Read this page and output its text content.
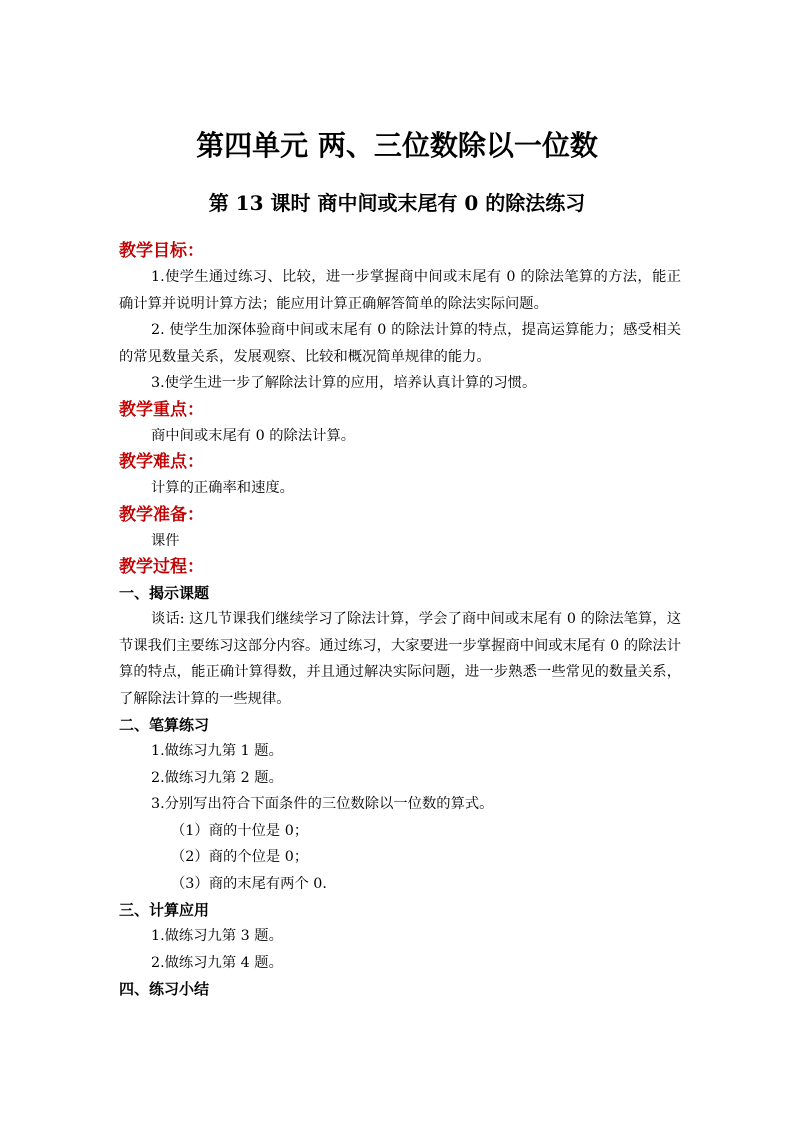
第四单元 两、三位数除以一位数
第 13 课时 商中间或末尾有 0 的除法练习
教学目标：
1.使学生通过练习、比较，进一步掌握商中间或末尾有 0 的除法笔算的方法，能正确计算并说明计算方法；能应用计算正确解答简单的除法实际问题。
2. 使学生加深体验商中间或末尾有 0 的除法计算的特点，提高运算能力；感受相关的常见数量关系，发展观察、比较和概况简单规律的能力。
3.使学生进一步了解除法计算的应用，培养认真计算的习惯。
教学重点：
商中间或末尾有 0 的除法计算。
教学难点：
计算的正确率和速度。
教学准备：
课件
教学过程：
一、揭示课题
谈话: 这几节课我们继续学习了除法计算，学会了商中间或末尾有 0 的除法笔算，这节课我们主要练习这部分内容。通过练习，大家要进一步掌握商中间或末尾有 0 的除法计算的特点，能正确计算得数，并且通过解决实际问题，进一步熟悉一些常见的数量关系，了解除法计算的一些规律。
二、笔算练习
1.做练习九第 1 题。
2.做练习九第 2 题。
3.分别写出符合下面条件的三位数除以一位数的算式。
（1）商的十位是 0；
（2）商的个位是 0；
（3）商的末尾有两个 0.
三、计算应用
1.做练习九第 3 题。
2.做练习九第 4 题。
四、练习小结
